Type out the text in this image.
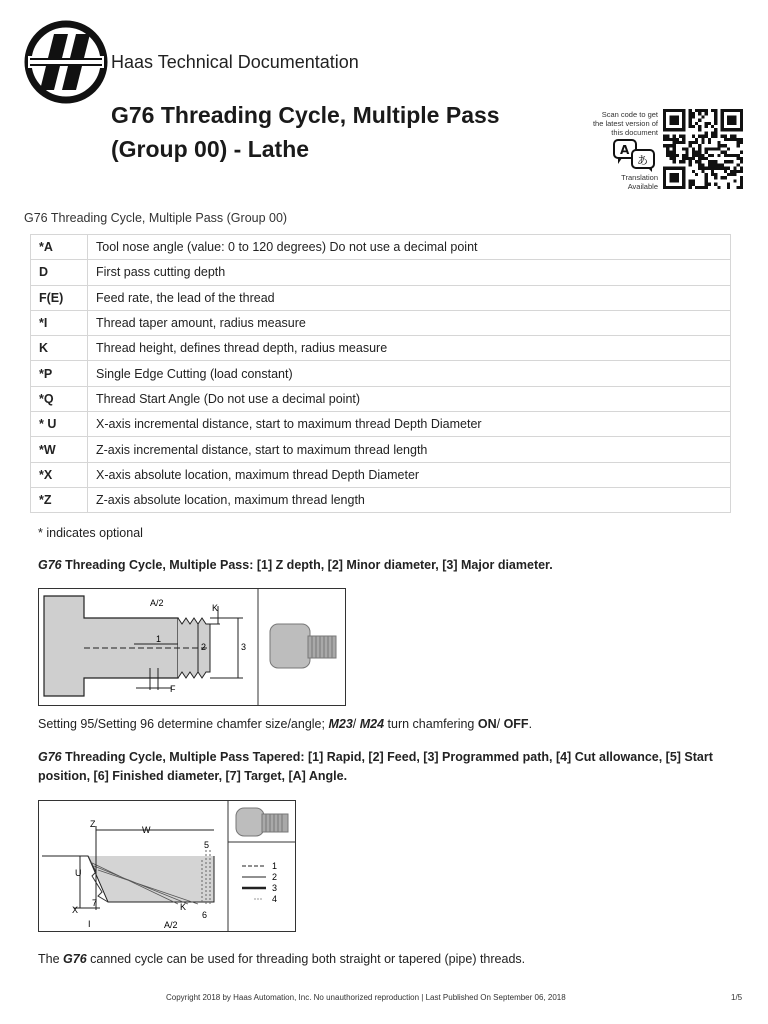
Haas Technical Documentation
G76 Threading Cycle, Multiple Pass
(Group 00) - Lathe
Scan code to get the latest version of this document
A
あ
Translation Available
G76 Threading Cycle, Multiple Pass (Group 00)
*A	Tool nose angle (value: 0 to 120 degrees) Do not use a decimal point
D	First pass cutting depth
F(E)	Feed rate, the lead of the thread
*I	Thread taper amount, radius measure
K	Thread height, defines thread depth, radius measure
*P	Single Edge Cutting (load constant)
*Q	Thread Start Angle (Do not use a decimal point)
* U	X-axis incremental distance, start to maximum thread Depth Diameter
*W	Z-axis incremental distance, start to maximum thread length
*X	X-axis absolute location, maximum thread Depth Diameter
*Z	Z-axis absolute location, maximum thread length
* indicates optional
G76 Threading Cycle, Multiple Pass: [1] Z depth, [2] Minor diameter, [3] Major diameter.
A/2	K
1
2	3
F
Setting 95/Setting 96 determine chamfer size/angle; M23/ M24 turn chamfering ON/ OFF.
G76 Threading Cycle, Multiple Pass Tapered: [1] Rapid, [2] Feed, [3] Programmed path, [4] Cut allowance, [5] Start position, [6] Finished diameter, [7] Target, [A] Angle.
Z
W
U
X
I
7
5
K
6
A/2
1
2
3
4
The G76 canned cycle can be used for threading both straight or tapered (pipe) threads.
Copyright 2018 by Haas Automation, Inc. No unauthorized reproduction | Last Published On September 06, 2018	1/5
